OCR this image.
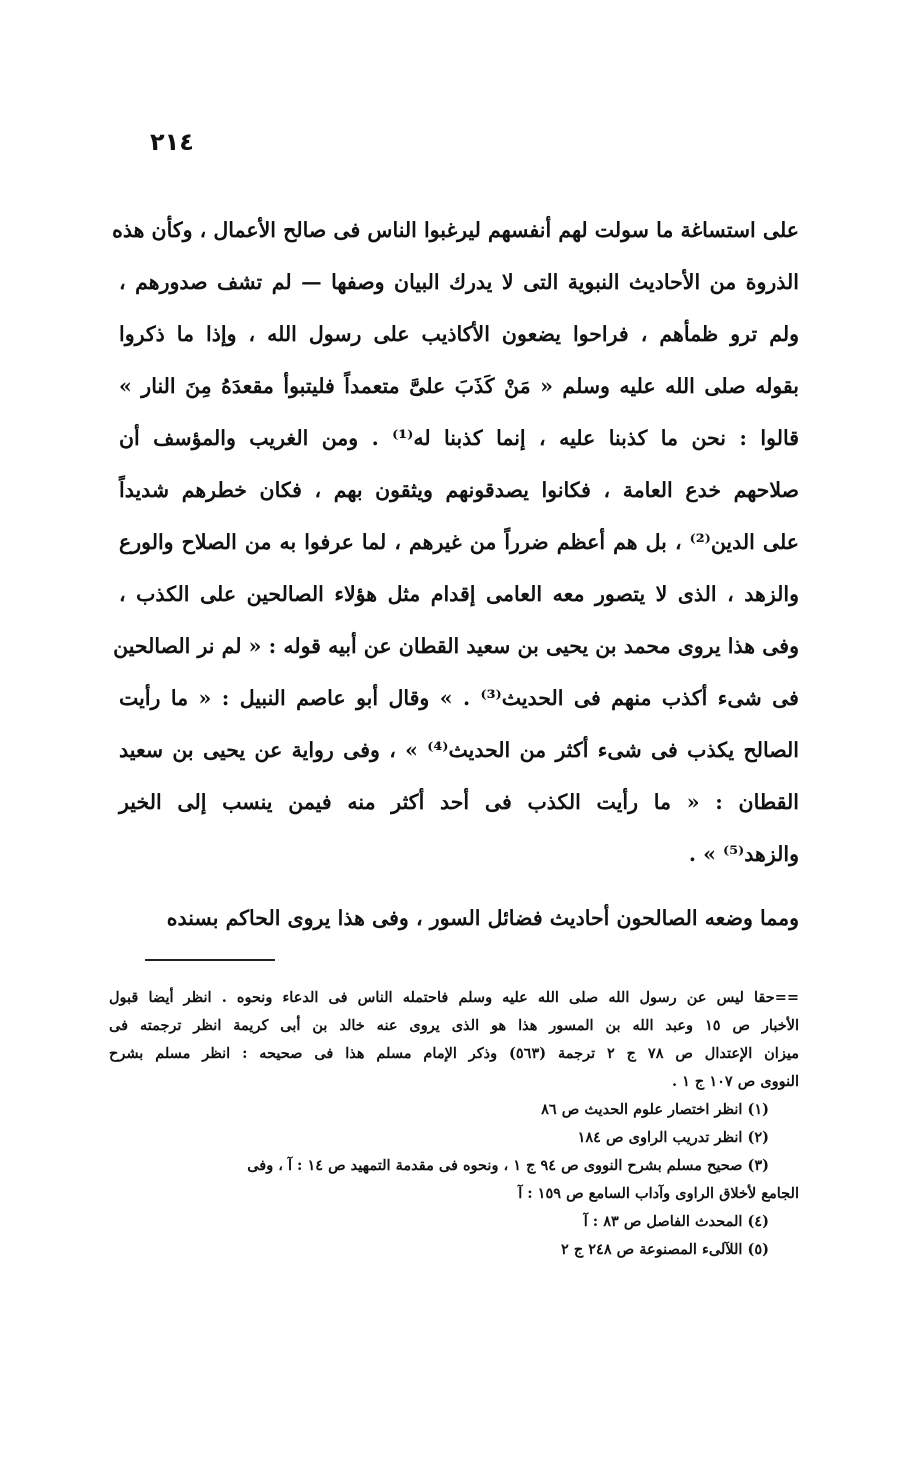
٢١٤
على استساغة ما سولت لهم أنفسهم ليرغبوا الناس فى صالح الأعمال ، وكأن هذه
الذروة من الأحاديث النبوية التى لا يدرك البيان وصفها — لم تشف صدورهم ،
ولم ترو ظمأهم ، فراحوا يضعون الأكاذيب على رسول الله ، وإذا ما ذكروا
بقوله صلى الله عليه وسلم « مَنْ كَذَبَ علىَّ متعمداً فليتبوأ مقعدَهُ مِنَ النار »
قالوا : نحن ما كذبنا عليه ، إنما كذبنا له⁽¹⁾ . ومن الغريب والمؤسف أن
صلاحهم خدع العامة ، فكانوا يصدقونهم ويثقون بهم ، فكان خطرهم شديداً
على الدين⁽²⁾ ، بل هم أعظم ضرراً من غيرهم ، لما عرفوا به من الصلاح والورع
والزهد ، الذى لا يتصور معه العامى إقدام مثل هؤلاء الصالحين على الكذب ،
وفى هذا يروى محمد بن يحيى بن سعيد القطان عن أبيه قوله : « لم نر الصالحين
فى شىء أكذب منهم فى الحديث⁽³⁾ . » وقال أبو عاصم النبيل : « ما رأيت
الصالح يكذب فى شىء أكثر من الحديث⁽⁴⁾ » ، وفى رواية عن يحيى بن سعيد
القطان : « ما رأيت الكذب فى أحد أكثر منه فيمن ينسب إلى الخير
والزهد⁽⁵⁾ » .
ومما وضعه الصالحون أحاديث فضائل السور ، وفى هذا يروى الحاكم بسنده
==حقا ليس عن رسول الله صلى الله عليه وسلم فاحتمله الناس فى الدعاء ونحوه . انظر أيضا قبول
الأخبار ص ١٥ وعبد الله بن المسور هذا هو الذى يروى عنه خالد بن أبى كريمة انظر ترجمته فى
ميزان الإعتدال ص ٧٨ ج ٢ ترجمة (٥٦٣) وذكر الإمام مسلم هذا فى صحيحه : انظر مسلم بشرح
النووى ص ١٠٧ ج ١ .
(١) انظر اختصار علوم الحديث ص ٨٦
(٢) انظر تدريب الراوى ص ١٨٤
(٣) صحيح مسلم بشرح النووى ص ٩٤ ج ١ ، ونحوه فى مقدمة التمهيد ص ١٤ : آ ، وفى
الجامع لأخلاق الراوى وآداب السامع ص ١٥٩ : آ
(٤) المحدث الفاصل ص ٨٣ : آ
(٥) اللآلىء المصنوعة ص ٢٤٨ ج ٢
